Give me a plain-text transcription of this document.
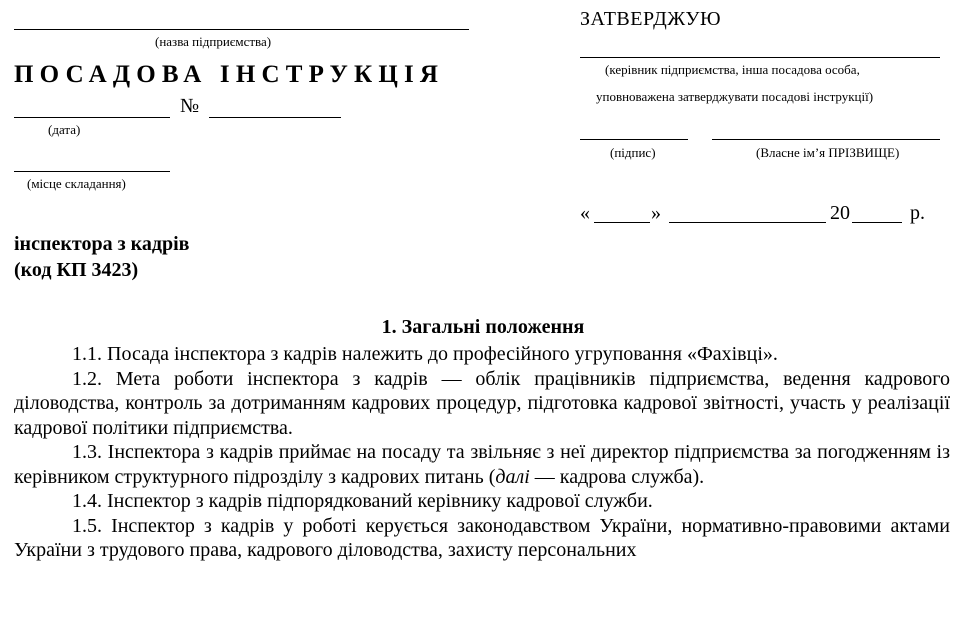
(назва підприємства)
ПОСАДОВА ІНСТРУКЦІЯ
№
(дата)
(місце складання)
ЗАТВЕРДЖУЮ
(керівник підприємства, інша посадова особа,
уповноважена затверджувати посадові інструкції)
(підпис)	(Власне ім’я ПРІЗВИЩЕ)
«	»	20	р.
інспектора з кадрів
(код КП 3423)
1. Загальні положення

1.1. Посада інспектора з кадрів належить до професійного угруповання «Фахівці».

1.2. Мета роботи інспектора з кадрів — облік працівників підприємства, ведення кадрового діловодства, контроль за дотриманням кадрових процедур, підготовка кадрової звітності, участь у реалізації кадрової політики підприємства.

1.3. Інспектора з кадрів приймає на посаду та звільняє з неї директор підприємства за погодженням із керівником структурного підрозділу з кадрових питань (далі — кадрова служба).

1.4. Інспектор з кадрів підпорядкований керівнику кадрової служби.

1.5. Інспектор з кадрів у роботі керується законодавством України, нормативно-правовими актами України з трудового права, кадрового діловодства, захисту персональних
